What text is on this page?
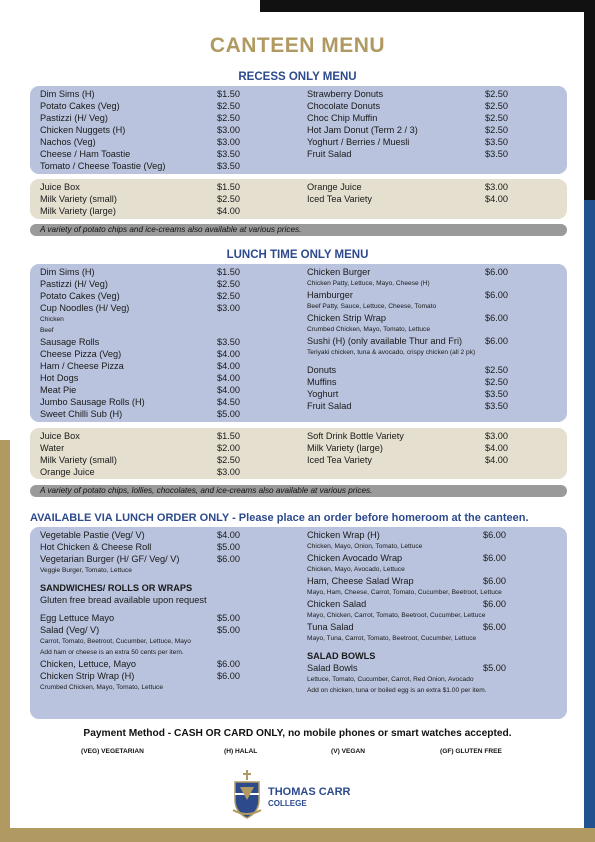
CANTEEN MENU
RECESS ONLY MENU
Dim Sims (H)	$1.50
Potato Cakes (Veg)	$2.50
Pastizzi (H/ Veg)	$2.50
Chicken Nuggets (H)	$3.00
Nachos (Veg)	$3.00
Cheese / Ham Toastie	$3.50
Tomato / Cheese Toastie (Veg)	$3.50
Strawberry Donuts	$2.50
Chocolate Donuts	$2.50
Choc Chip Muffin	$2.50
Hot Jam Donut (Term 2 / 3)	$2.50
Yoghurt / Berries / Muesli	$3.50
Fruit Salad	$3.50
Juice Box	$1.50
Milk Variety (small)	$2.50
Milk Variety (large)	$4.00
Orange Juice	$3.00
Iced Tea Variety	$4.00
A variety of potato chips and ice-creams also available at various prices.
LUNCH TIME ONLY MENU
Dim Sims (H)	$1.50
Pastizzi (H/ Veg)	$2.50
Potato Cakes (Veg)	$2.50
Cup Noodles (H/ Veg)	$3.00
Chicken
Beef
Sausage Rolls	$3.50
Cheese Pizza (Veg)	$4.00
Ham / Cheese Pizza	$4.00
Hot Dogs	$4.00
Meat Pie	$4.00
Jumbo Sausage Rolls (H)	$4.50
Sweet Chilli Sub (H)	$5.00
Chicken Burger	$6.00
Chicken Patty, Lettuce, Mayo, Cheese (H)
Hamburger	$6.00
Beef Patty, Sauce, Lettuce, Cheese, Tomato
Chicken Strip Wrap	$6.00
Crumbed Chicken, Mayo, Tomato, Lettuce
Sushi (H) (only available Thur and Fri) $6.00
Teriyaki chicken, tuna & avocado, crispy chicken (all 2 pk)
Donuts	$2.50
Muffins	$2.50
Yoghurt	$3.50
Fruit Salad	$3.50
Juice Box	$1.50
Water	$2.00
Milk Variety (small)	$2.50
Orange Juice	$3.00
Soft Drink Bottle Variety	$3.00
Milk Variety (large)	$4.00
Iced Tea Variety	$4.00
A variety of potato chips, lollies, chocolates, and ice-creams also available at various prices.
AVAILABLE VIA LUNCH ORDER ONLY - Please place an order before homeroom at the canteen.
Vegetable Pastie (Veg/ V)	$4.00
Hot Chicken & Cheese Roll	$5.00
Vegetarian Burger (H/ GF/ Veg/ V)	$6.00
Veggie Burger, Tomato, Lettuce
SANDWICHES/ ROLLS OR WRAPS
Gluten free bread available upon request
Egg Lettuce Mayo	$5.00
Salad (Veg/ V)	$5.00
Carrot, Tomato, Beetroot, Cucumber, Lettuce, Mayo
Add ham or cheese is an extra 50 cents per item.
Chicken, Lettuce, Mayo	$6.00
Chicken Strip Wrap (H)	$6.00
Crumbed Chicken, Mayo, Tomato, Lettuce
Chicken Wrap (H)	$6.00
Chicken, Mayo, Onion, Tomato, Lettuce
Chicken Avocado Wrap	$6.00
Chicken, Mayo, Avocado, Lettuce
Ham, Cheese Salad Wrap	$6.00
Mayo, Ham, Cheese, Carrot, Tomato, Cucumber, Beetroot, Lettuce
Chicken Salad	$6.00
Mayo, Chicken, Carrot, Tomato, Beetroot, Cucumber, Lettuce
Tuna Salad	$6.00
Mayo, Tuna, Carrot, Tomato, Beetroot, Cucumber, Lettuce
SALAD BOWLS
Salad Bowls	$5.00
Lettuce, Tomato, Cucumber, Carrot, Red Onion, Avocado
Add on chicken, tuna or boiled egg is an extra $1.00 per item.
Payment Method - CASH OR CARD ONLY, no mobile phones or smart watches accepted.
(VEG) VEGETARIAN	(H) HALAL	(V) VEGAN	(GF) GLUTEN FREE
THOMAS CARR
COLLEGE
